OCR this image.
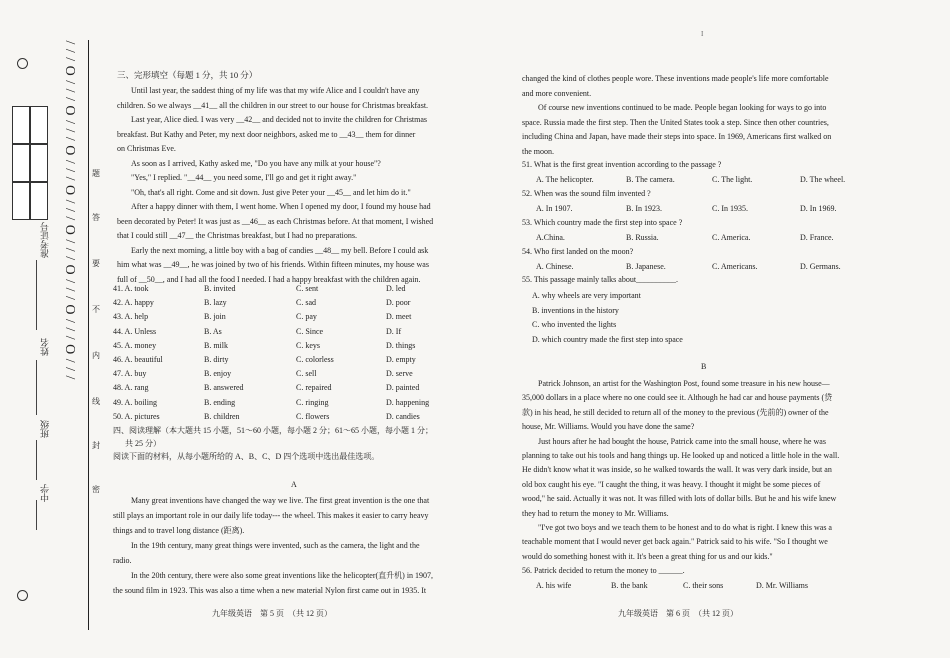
准考证号
姓名
班级
中学
/ / / O / / / O / / / O / / / O / / / O / / / O / / / O / / / O / / / 题
答
要
不
内
线
封
密
三、完形填空（每题 1 分，共 10 分）
Until last year, the saddest thing of my life was that my wife Alice and I couldn't have any
children. So we always __41__ all the children in our street to our house for Christmas breakfast.
Last year, Alice died. I was very __42__ and decided not to invite the children for Christmas
breakfast. But Kathy and Peter, my next door neighbors, asked me to __43__ them for dinner
on Christmas Eve.
As soon as I arrived, Kathy asked me, "Do you have any milk at your house"?
"Yes," I replied. "__44__ you need some, I'll go and get it right away."
"Oh, that's all right. Come and sit down. Just give Peter your __45__ and let him do it."
After a happy dinner with them, I went home. When I opened my door, I found my house had
been decorated by Peter! It was just as __46__ as each Christmas before. At that moment, I wished
that I could still __47__ the Christmas breakfast, but I had no preparations.
Early the next morning, a little boy with a bag of candies __48__ my bell. Before I could ask
him what was __49__, he was joined by two of his friends. Within fifteen minutes, my house was
full of __50__, and I had all the food I needed. I had a happy breakfast with the children again.
41. A. took	B. invited	C. sent	D. led
42. A. happy	B. lazy	C. sad	D. poor
43. A. help	B. join	C. pay	D. meet
44. A. Unless	B. As	C. Since	D. If
45. A. money	B. milk	C. keys	D. things
46. A. beautiful	B. dirty	C. colorless	D. empty
47. A. buy	B. enjoy	C. sell	D. serve
48. A. rang	B. answered	C. repaired	D. painted
49. A. boiling	B. ending	C. ringing	D. happening
50. A. pictures	B. children	C. flowers	D. candies
四、阅读理解（本大题共 15 小题，51～60 小题，每小题 2 分；61～65 小题，每小题 1 分；
共 25 分）
阅读下面的材料，从每小题所给的 A、B、C、D 四个选项中选出最佳选项。
A
Many great inventions have changed the way we live. The first great invention is the one that
still plays an important role in our daily life today--- the wheel. This makes it easier to carry heavy
things and to travel long distance (距离).
In the 19th century, many great things were invented, such as the camera, the light and the
radio.
In the 20th century, there were also some great inventions like the helicopter(直升机) in 1907,
the sound film in 1923. This was also a time when a new material Nylon first came out in 1935. It
九年级英语　第 5 页　（共 12 页）
I
changed the kind of clothes people wore. These inventions made people's life more comfortable
and more convenient.
Of course new inventions continued to be made. People began looking for ways to go into
space. Russia made the first step. Then the United States took a step. Since then other countries,
including China and Japan, have made their steps into space. In 1969, Americans first walked on
the moon.
51. What is the first great invention according to the passage ?
A. The helicopter.	B. The camera.	C. The light.	D. The wheel.
52. When was the sound film invented ?
A. In 1907.	B. In 1923.	C. In 1935.	D. In 1969.
53. Which country made the first step into space ?
A.China.	B. Russia.	C. America.	D. France.
54. Who first landed on the moon?
A. Chinese.	B. Japanese.	C. Americans.	D. Germans.
55. This passage mainly talks about__________.
A. why wheels are very important
B. inventions in the history
C. who invented the lights
D. which country made the first step into space
B
Patrick Johnson, an artist for the Washington Post, found some treasure in his new house—
35,000 dollars in a place where no one could see it. Although he had car and house payments (贷
款) in his head, he still decided to return all of the money to the previous (先前的) owner of the
house, Mr. Williams. Would you have done the same?
Just hours after he had bought the house, Patrick came into the small house, where he was
planning to take out his tools and hang things up. He looked up and noticed a little hole in the wall.
He didn't know what it was inside, so he walked towards the wall. It was very dark inside, but an
old box caught his eye. "I caught the thing, it was heavy. I thought it might be some pieces of
wood," he said. Actually it was not. It was filled with lots of dollar bills. But he and his wife knew
they had to return the money to Mr. Williams.
"I've got two boys and we teach them to be honest and to do what is right. I knew this was a
teachable moment that I would never get back again." Patrick said to his wife. "So I thought we
would do something honest with it. It's been a great thing for us and our kids."
56. Patrick decided to return the money to ______.
A. his wife	B. the bank	C. their sons	D. Mr. Williams
九年级英语　第 6 页　（共 12 页）
